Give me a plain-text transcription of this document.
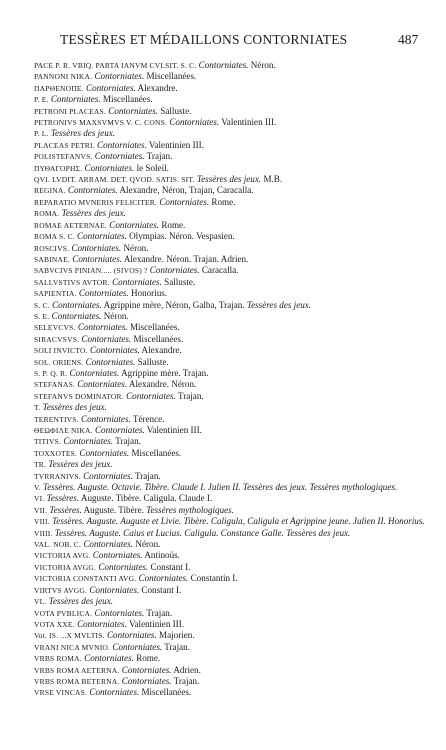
TESSÈRES ET MÉDAILLONS CONTORNIATES	487
PACE P. R. VBIQ. PARTA IANVM CVLSIT. S. C. Contorniates. Néron.
PANNONI NIKA. Contorniates. Miscellanées.
ΠΑΡΘΕΝΟΠΕ. Contorniates. Alexandre.
P. E. Contorniates. Miscellanées.
PETRONI PLACEAS. Contorniates. Salluste.
PETRONIVS MAXSVMVS V. C. CONS. Contorniates. Valentinien III.
P. L. Tessères des jeux.
PLACEAS PETRI. Contorniates. Valentinien III.
POLISTEFANVS. Contorniates. Trajan.
ΠΥΘΑΓΟΡΗΣ. Contorniates. le Soleil.
QVI. LVDIT. ARRAM. DET. QVOD. SATIS. SIT. Tessères des jeux. M.B.
REGINA. Contorniates. Alexandre, Néron, Trajan, Caracalla.
REPARATIO MVNERIS FELICITER. Contorniates. Rome.
ROMA. Tessères des jeux.
ROMAE AETERNAE. Contorniates. Rome.
ROMA S. C. Contorniates. Olympias. Néron. Vespasien.
ROSCIVS. Contorniates. Néron.
SABINAE. Contorniates. Alexandre. Néron. Trajan. Adrien.
SABVCIVS PINIAN..... (SIVOS) ? Contorniates. Caracalla.
SALLVSTIVS AVTOR. Contorniates. Salluste.
SAPIENTIA. Contorniates. Honorius.
S. C. Contorniates. Agrippine mère, Néron, Galba, Trajan. Tessères des jeux.
S. E. Contorniates. Néron.
SELEVCVS. Contorniates. Miscellanées.
SIRACVSVS. Contorniates. Miscellanées.
SOLI INVICTO. Contorniates. Alexandre.
SOL. ORIENS. Contorniates. Salluste.
S. P. Q. R. Contorniates. Agrippine mère. Trajan.
STEFANAS. Contorniates. Alexandre. Néron.
STEFANVS DOMINATOR. Contorniates. Trajan.
T. Tessères des jeux.
TERENTIVS. Contorniates. Térence.
ΘΕΩΦΙΛΕ NIKA. Contorniates. Valentinien III.
TITIVS. Contorniates. Trajan.
TOXXOTES. Contorniates. Miscellanées.
TR. Tessères des jeux.
TVRRANIVS. Contorniates. Trajan.
V. Tessères. Auguste. Octavie. Tibère. Claude I. Julien II. Tessères des jeux. Tessères mythologiques.
VI. Tessères. Auguste. Tibère. Caligula. Claude I.
VII. Tessères. Auguste. Tibère. Tessères mythologiques.
VIII. Tessères. Auguste. Auguste et Livie. Tibère. Caligula, Caligula et Agrippine jeune. Julien II. Honorius.
VIIII. Tessères. Auguste. Caius et Lucius. Caligula. Constance Galle. Tessères des jeux.
VAL. NOB. C. Contorniates. Néron.
VICTORIA AVG. Contorniates. Antinoüs.
VICTORIA AVGG. Contorniates. Constant I.
VICTORIA CONSTANTI AVG. Contorniates. Constantin I.
VIRTVS AVGG. Contorniates. Constant I.
VL. Tessères des jeux.
VOTA PVBLICA. Contorniates. Trajan.
VOTA XXE. Contorniates. Valentinien III.
Vot. IS. ...X MVLTIS. Contorniates. Majorien.
VRANI NICA MVNIO. Contorniates. Trajan.
VRBS ROMA. Contorniates. Rome.
VRBS ROMA AETERNA. Contorniates. Adrien.
VRBS ROMA BETERNA. Contorniates. Trajan.
VRSE VINCAS. Contorniates. Miscellanées.
